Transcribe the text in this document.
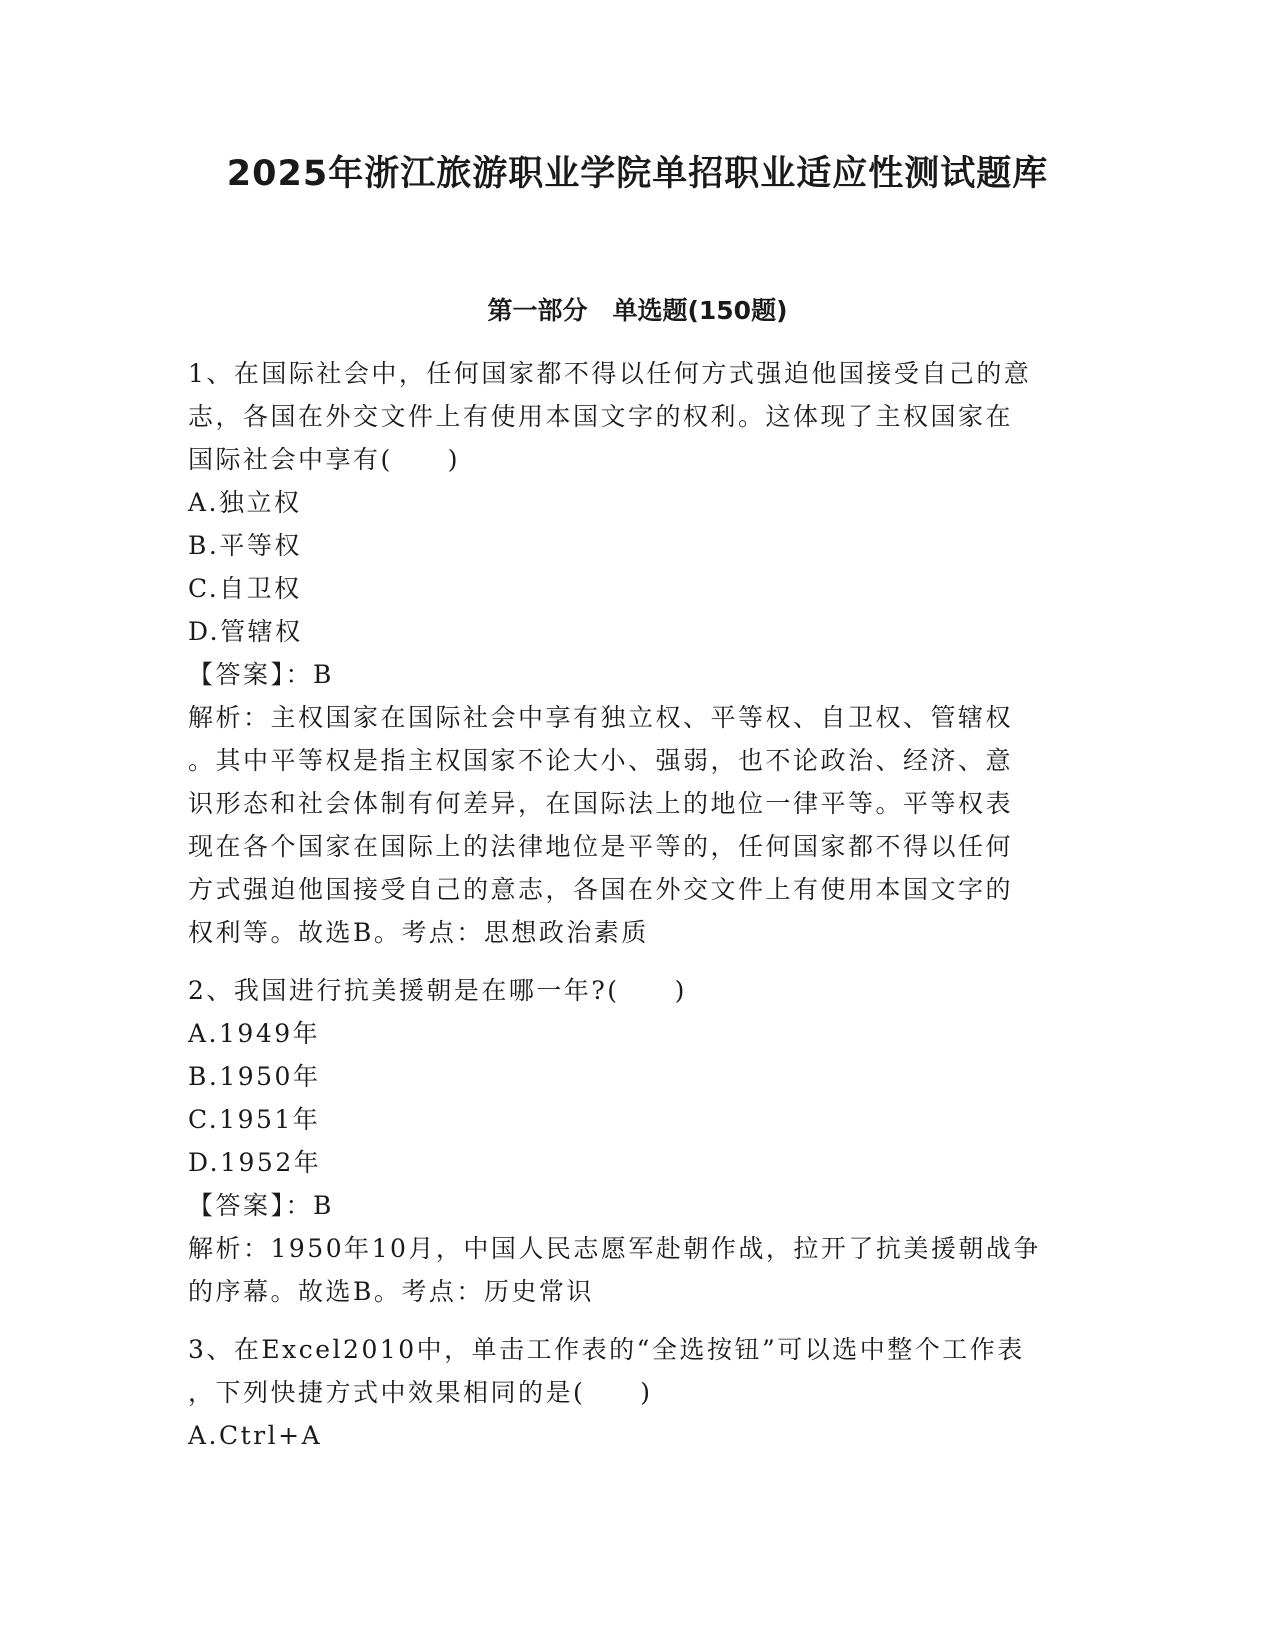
2025年浙江旅游职业学院单招职业适应性测试题库
第一部分　单选题(150题)

1、在国际社会中，任何国家都不得以任何方式强迫他国接受自己的意

志，各国在外交文件上有使用本国文字的权利。这体现了主权国家在

国际社会中享有(　　)

A.独立权

B.平等权

C.自卫权

D.管辖权

【答案】：B

解析：主权国家在国际社会中享有独立权、平等权、自卫权、管辖权

。其中平等权是指主权国家不论大小、强弱，也不论政治、经济、意

识形态和社会体制有何差异，在国际法上的地位一律平等。平等权表

现在各个国家在国际上的法律地位是平等的，任何国家都不得以任何

方式强迫他国接受自己的意志，各国在外交文件上有使用本国文字的

权利等。故选B。考点：思想政治素质

2、我国进行抗美援朝是在哪一年?(　　)

A.1949年

B.1950年

C.1951年

D.1952年

【答案】：B

解析：1950年10月，中国人民志愿军赴朝作战，拉开了抗美援朝战争

的序幕。故选B。考点：历史常识

3、在Excel2010中，单击工作表的“全选按钮”可以选中整个工作表

，下列快捷方式中效果相同的是(　　)

A.Ctrl+A
